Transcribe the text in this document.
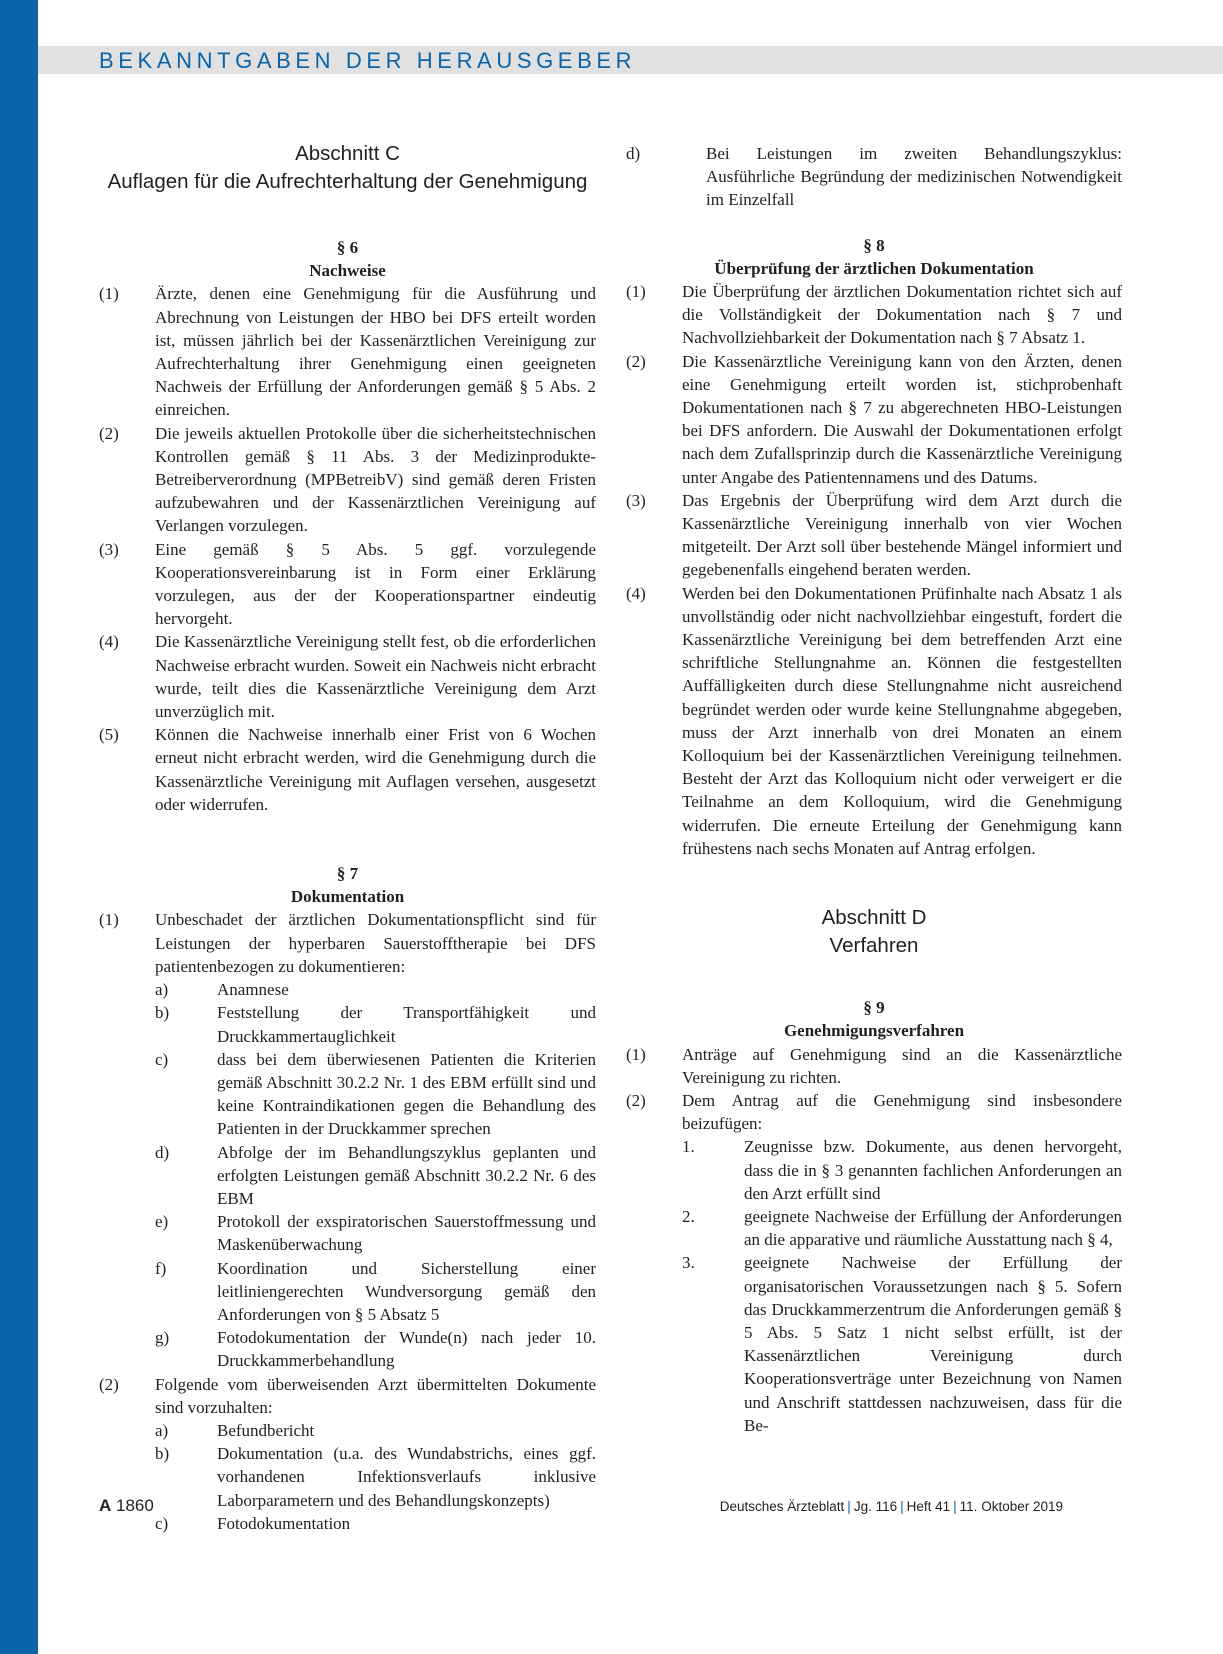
BEKANNTGABEN DER HERAUSGEBER
Abschnitt C
Auflagen für die Aufrechterhaltung der Genehmigung
§ 6
Nachweise
(1)	Ärzte, denen eine Genehmigung für die Ausführung und Abrechnung von Leistungen der HBO bei DFS erteilt worden ist, müssen jährlich bei der Kassenärztlichen Vereinigung zur Aufrechterhaltung ihrer Genehmigung einen geeigneten Nachweis der Erfüllung der Anforderungen gemäß § 5 Abs. 2 einreichen.
(2)	Die jeweils aktuellen Protokolle über die sicherheitstechnischen Kontrollen gemäß § 11 Abs. 3 der Medizinprodukte-Betreiberverordnung (MPBetreibV) sind gemäß deren Fristen aufzubewahren und der Kassenärztlichen Vereinigung auf Verlangen vorzulegen.
(3)	Eine gemäß § 5 Abs. 5 ggf. vorzulegende Kooperationsvereinbarung ist in Form einer Erklärung vorzulegen, aus der der Kooperationspartner eindeutig hervorgeht.
(4)	Die Kassenärztliche Vereinigung stellt fest, ob die erforderlichen Nachweise erbracht wurden. Soweit ein Nachweis nicht erbracht wurde, teilt dies die Kassenärztliche Vereinigung dem Arzt unverzüglich mit.
(5)	Können die Nachweise innerhalb einer Frist von 6 Wochen erneut nicht erbracht werden, wird die Genehmigung durch die Kassenärztliche Vereinigung mit Auflagen versehen, ausgesetzt oder widerrufen.
§ 7
Dokumentation
(1)	Unbeschadet der ärztlichen Dokumentationspflicht sind für Leistungen der hyperbaren Sauerstofftherapie bei DFS patientenbezogen zu dokumentieren:
a)	Anamnese
b)	Feststellung der Transportfähigkeit und Druckkammertauglichkeit
c)	dass bei dem überwiesenen Patienten die Kriterien gemäß Abschnitt 30.2.2 Nr. 1 des EBM erfüllt sind und keine Kontraindikationen gegen die Behandlung des Patienten in der Druckkammer sprechen
d)	Abfolge der im Behandlungszyklus geplanten und erfolgten Leistungen gemäß Abschnitt 30.2.2 Nr. 6 des EBM
e)	Protokoll der exspiratorischen Sauerstoffmessung und Maskenüberwachung
f)	Koordination und Sicherstellung einer leitliniengerechten Wundversorgung gemäß den Anforderungen von § 5 Absatz 5
g)	Fotodokumentation der Wunde(n) nach jeder 10. Druckkammerbehandlung
(2)	Folgende vom überweisenden Arzt übermittelten Dokumente sind vorzuhalten:
a)	Befundbericht
b)	Dokumentation (u.a. des Wundabstrichs, eines ggf. vorhandenen Infektionsverlaufs inklusive Laborparametern und des Behandlungskonzepts)
c)	Fotodokumentation
d)	Bei Leistungen im zweiten Behandlungszyklus: Ausführliche Begründung der medizinischen Notwendigkeit im Einzelfall
§ 8
Überprüfung der ärztlichen Dokumentation
(1)	Die Überprüfung der ärztlichen Dokumentation richtet sich auf die Vollständigkeit der Dokumentation nach § 7 und Nachvollziehbarkeit der Dokumentation nach § 7 Absatz 1.
(2)	Die Kassenärztliche Vereinigung kann von den Ärzten, denen eine Genehmigung erteilt worden ist, stichprobenhaft Dokumentationen nach § 7 zu abgerechneten HBO-Leistungen bei DFS anfordern. Die Auswahl der Dokumentationen erfolgt nach dem Zufallsprinzip durch die Kassenärztliche Vereinigung unter Angabe des Patientennamens und des Datums.
(3)	Das Ergebnis der Überprüfung wird dem Arzt durch die Kassenärztliche Vereinigung innerhalb von vier Wochen mitgeteilt. Der Arzt soll über bestehende Mängel informiert und gegebenenfalls eingehend beraten werden.
(4)	Werden bei den Dokumentationen Prüfinhalte nach Absatz 1 als unvollständig oder nicht nachvollziehbar eingestuft, fordert die Kassenärztliche Vereinigung bei dem betreffenden Arzt eine schriftliche Stellungnahme an. Können die festgestellten Auffälligkeiten durch diese Stellungnahme nicht ausreichend begründet werden oder wurde keine Stellungnahme abgegeben, muss der Arzt innerhalb von drei Monaten an einem Kolloquium bei der Kassenärztlichen Vereinigung teilnehmen. Besteht der Arzt das Kolloquium nicht oder verweigert er die Teilnahme an dem Kolloquium, wird die Genehmigung widerrufen. Die erneute Erteilung der Genehmigung kann frühestens nach sechs Monaten auf Antrag erfolgen.
Abschnitt D
Verfahren
§ 9
Genehmigungsverfahren
(1)	Anträge auf Genehmigung sind an die Kassenärztliche Vereinigung zu richten.
(2)	Dem Antrag auf die Genehmigung sind insbesondere beizufügen:
1.	Zeugnisse bzw. Dokumente, aus denen hervorgeht, dass die in § 3 genannten fachlichen Anforderungen an den Arzt erfüllt sind
2.	geeignete Nachweise der Erfüllung der Anforderungen an die apparative und räumliche Ausstattung nach § 4,
3.	geeignete Nachweise der Erfüllung der organisatorischen Voraussetzungen nach § 5. Sofern das Druckkammerzentrum die Anforderungen gemäß § 5 Abs. 5 Satz 1 nicht selbst erfüllt, ist der Kassenärztlichen Vereinigung durch Kooperationsverträge unter Bezeichnung von Namen und Anschrift stattdessen nachzuweisen, dass für die Be-
A 1860	Deutsches Ärzteblatt | Jg. 116 | Heft 41 | 11. Oktober 2019
